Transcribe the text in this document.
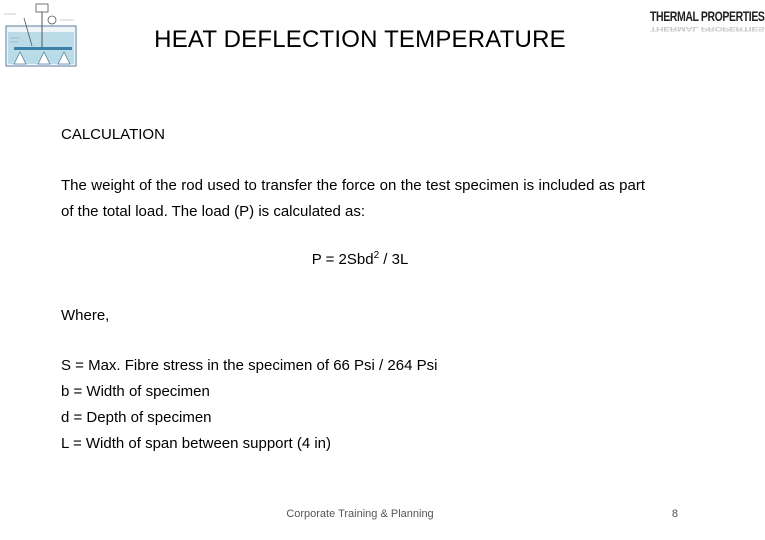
THERMAL PROPERTIES
THERMAL PROPERTIES
HEAT DEFLECTION TEMPERATURE
CALCULATION
The weight of the rod used to transfer the force on the test specimen is included as part of the total load. The load (P) is calculated as:
P = 2Sbd$^2$ / 3L
Where,
S = Max. Fibre stress in the specimen of 66 Psi / 264 Psi
b = Width of specimen
d = Depth of specimen
L = Width of span between support (4 in)
Corporate Training & Planning	8
